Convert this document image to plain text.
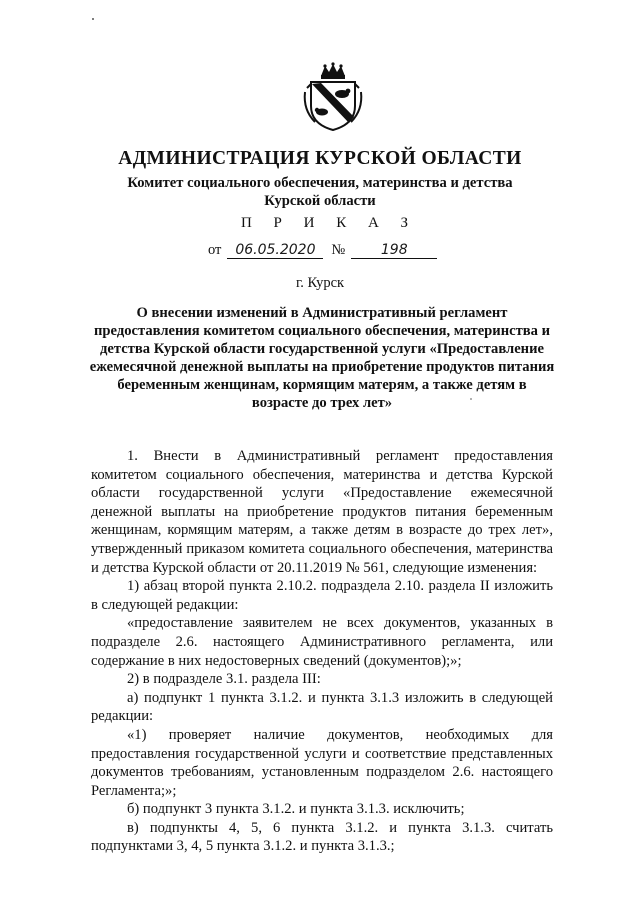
АДМИНИСТРАЦИЯ КУРСКОЙ ОБЛАСТИ
Комитет социального обеспечения, материнства и детства
Курской области
П Р И К А З
от 06.05.2020	№	198
г. Курск
О внесении изменений в Административный регламент предоставления комитетом социального обеспечения, материнства и детства Курской области государственной услуги «Предоставление ежемесячной денежной выплаты на приобретение продуктов питания беременным женщинам, кормящим матерям, а также детям в возрасте до трех лет»

1. Внести в Административный регламент предоставления комитетом социального обеспечения, материнства и детства Курской области государственной услуги «Предоставление ежемесячной денежной выплаты на приобретение продуктов питания беременным женщинам, кормящим матерям, а также детям в возрасте до трех лет», утвержденный приказом комитета социального обеспечения, материнства и детства Курской области от 20.11.2019 № 561, следующие изменения:

1) абзац второй пункта 2.10.2. подраздела 2.10. раздела II изложить в следующей редакции:

«предоставление заявителем не всех документов, указанных в подразделе 2.6. настоящего Административного регламента, или содержание в них недостоверных сведений (документов);»;

2) в подразделе 3.1. раздела III:

а) подпункт 1 пункта 3.1.2. и пункта 3.1.3 изложить в следующей редакции:

«1) проверяет наличие документов, необходимых для предоставления государственной услуги и соответствие представленных документов требованиям, установленным подразделом 2.6. настоящего Регламента;»;

б) подпункт 3 пункта 3.1.2. и пункта 3.1.3. исключить;

в) подпункты 4, 5, 6 пункта 3.1.2. и пункта 3.1.3. считать подпунктами 3, 4, 5 пункта 3.1.2. и пункта 3.1.3.;
